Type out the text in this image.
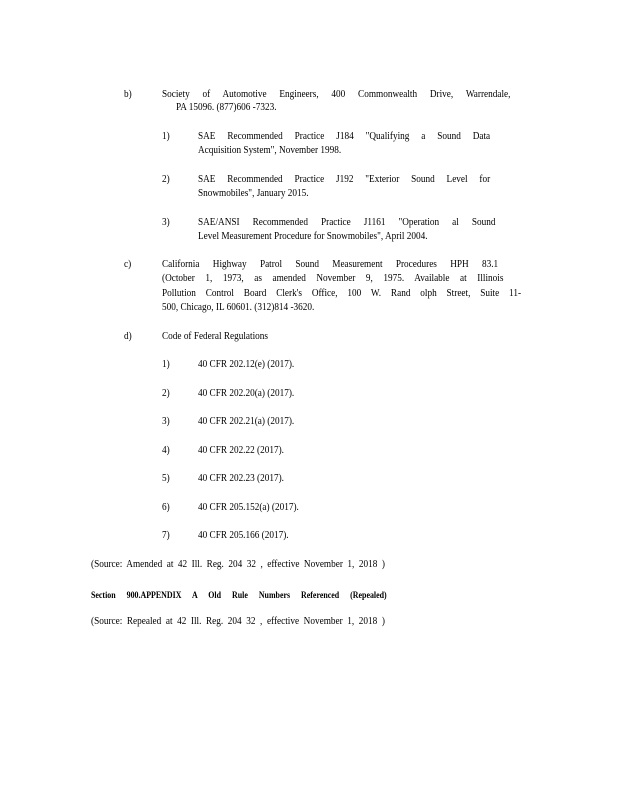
b)	Society of Automotive Engineers, 400 Commonwealth Drive, Warrendale,
PA 15096. (877)606 -7323.
1)	SAE Recommended Practice J184 "Qualifying a Sound Data
Acquisition System", November 1998.
2)	SAE Recommended Practice J192 "Exterior Sound Level for
Snowmobiles", January 2015.
3)	SAE/ANSI Recommended Practice J1161 "Operation al Sound
Level Measurement Procedure for Snowmobiles", April 2004.
c)	California Highway Patrol Sound Measurement Procedures HPH 83.1
(October 1, 1973, as amended November 9, 1975. Available at Illinois
Pollution Control Board Clerk's Office, 100 W. Rand olph Street, Suite 11-
500, Chicago, IL 60601. (312)814 -3620.
d)	Code of Federal Regulations
1)	40 CFR 202.12(e) (2017).
2)	40 CFR 202.20(a) (2017).
3)	40 CFR 202.21(a) (2017).
4)	40 CFR 202.22 (2017).
5)	40 CFR 202.23 (2017).
6)	40 CFR 205.152(a) (2017).
7)	40 CFR 205.166 (2017).
(Source: Amended at 42 Ill. Reg. 204 32 , effective November 1, 2018 )
Section 900.APPENDIX A Old Rule Numbers Referenced (Repealed)
(Source: Repealed at 42 Ill. Reg. 204 32 , effective November 1, 2018 )
